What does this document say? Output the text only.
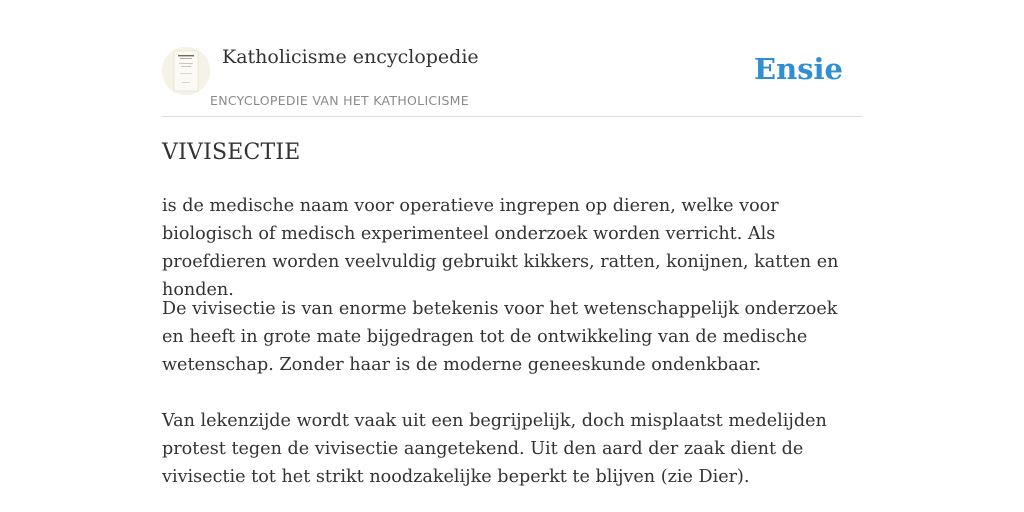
Katholicisme encyclopedie
ENCYCLOPEDIE VAN HET KATHOLICISME
Ensie
VIVISECTIE

is de medische naam voor operatieve ingrepen op dieren, welke voor biologisch of medisch experimenteel onderzoek worden verricht. Als proefdieren worden veelvuldig gebruikt kikkers, ratten, konijnen, katten en honden.

De vivisectie is van enorme betekenis voor het wetenschappelijk onderzoek en heeft in grote mate bijgedragen tot de ontwikkeling van de medische wetenschap. Zonder haar is de moderne geneeskunde ondenkbaar.

Van lekenzijde wordt vaak uit een begrijpelijk, doch misplaatst medelijden protest tegen de vivisectie aangetekend. Uit den aard der zaak dient de vivisectie tot het strikt noodzakelijke beperkt te blijven (zie Dier).
